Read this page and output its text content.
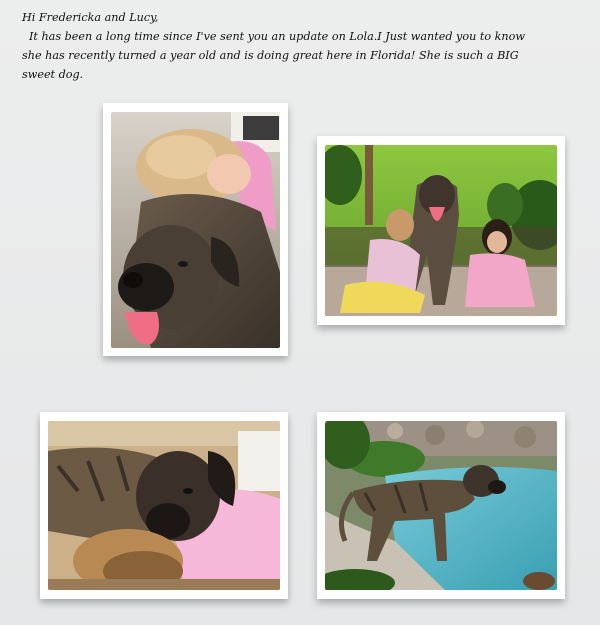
Hi Fredericka and Lucy,
It has been a long time since I've sent you an update on Lola.I Just wanted you to know
she has recently turned a year old and is doing great here in Florida! She is such a BIG
sweet dog.
